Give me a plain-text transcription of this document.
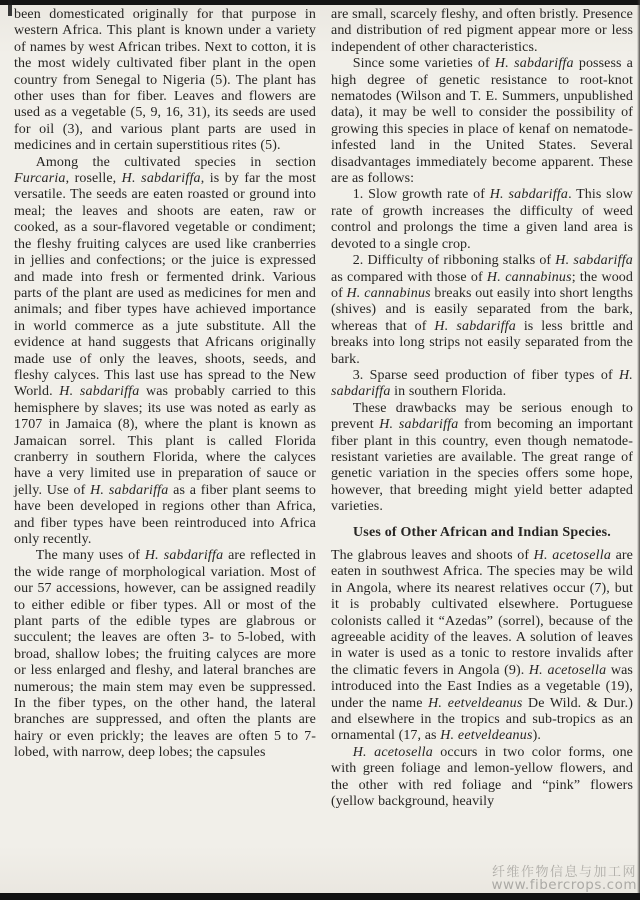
been domesticated originally for that purpose in western Africa. This plant is known under a variety of names by west African tribes. Next to cotton, it is the most widely cultivated fiber plant in the open country from Senegal to Nigeria (5). The plant has other uses than for fiber. Leaves and flowers are used as a vegetable (5, 9, 16, 31), its seeds are used for oil (3), and various plant parts are used in medicines and in certain superstitious rites (5).

Among the cultivated species in section Furcaria, roselle, H. sabdariffa, is by far the most versatile. The seeds are eaten roasted or ground into meal; the leaves and shoots are eaten, raw or cooked, as a sour-flavored vegetable or condiment; the fleshy fruiting calyces are used like cranberries in jellies and confections; or the juice is expressed and made into fresh or fermented drink. Various parts of the plant are used as medicines for men and animals; and fiber types have achieved importance in world commerce as a jute substitute. All the evidence at hand suggests that Africans originally made use of only the leaves, shoots, seeds, and fleshy calyces. This last use has spread to the New World. H. sabdariffa was probably carried to this hemisphere by slaves; its use was noted as early as 1707 in Jamaica (8), where the plant is known as Jamaican sorrel. This plant is called Florida cranberry in southern Florida, where the calyces have a very limited use in preparation of sauce or jelly. Use of H. sabdariffa as a fiber plant seems to have been developed in regions other than Africa, and fiber types have been reintroduced into Africa only recently.

The many uses of H. sabdariffa are reflected in the wide range of morphological variation. Most of our 57 accessions, however, can be assigned readily to either edible or fiber types. All or most of the plant parts of the edible types are glabrous or succulent; the leaves are often 3- to 5-lobed, with broad, shallow lobes; the fruiting calyces are more or less enlarged and fleshy, and lateral branches are numerous; the main stem may even be suppressed. In the fiber types, on the other hand, the lateral branches are suppressed, and often the plants are hairy or even prickly; the leaves are often 5 to 7-lobed, with narrow, deep lobes; the capsules

are small, scarcely fleshy, and often bristly. Presence and distribution of red pigment appear more or less independent of other characteristics.

Since some varieties of H. sabdariffa possess a high degree of genetic resistance to root-knot nematodes (Wilson and T. E. Summers, unpublished data), it may be well to consider the possibility of growing this species in place of kenaf on nematode-infested land in the United States. Several disadvantages immediately become apparent. These are as follows:

1. Slow growth rate of H. sabdariffa. This slow rate of growth increases the difficulty of weed control and prolongs the time a given land area is devoted to a single crop.

2. Difficulty of ribboning stalks of H. sabdariffa as compared with those of H. cannabinus; the wood of H. cannabinus breaks out easily into short lengths (shives) and is easily separated from the bark, whereas that of H. sabdariffa is less brittle and breaks into long strips not easily separated from the bark.

3. Sparse seed production of fiber types of H. sabdariffa in southern Florida.

These drawbacks may be serious enough to prevent H. sabdariffa from becoming an important fiber plant in this country, even though nematode-resistant varieties are available. The great range of genetic variation in the species offers some hope, however, that breeding might yield better adapted varieties.

Uses of Other African and Indian Species.

The glabrous leaves and shoots of H. acetosella are eaten in southwest Africa. The species may be wild in Angola, where its nearest relatives occur (7), but it is probably cultivated elsewhere. Portuguese colonists called it “Azedas” (sorrel), because of the agreeable acidity of the leaves. A solution of leaves in water is used as a tonic to restore invalids after the climatic fevers in Angola (9). H. acetosella was introduced into the East Indies as a vegetable (19), under the name H. eetveldeanus De Wild. & Dur.) and elsewhere in the tropics and sub-tropics as an ornamental (17, as H. eetveldeanus).

H. acetosella occurs in two color forms, one with green foliage and lemon-yellow flowers, and the other with red foliage and “pink” flowers (yellow background, heavily

纤维作物信息与加工网
www.fibercrops.com
